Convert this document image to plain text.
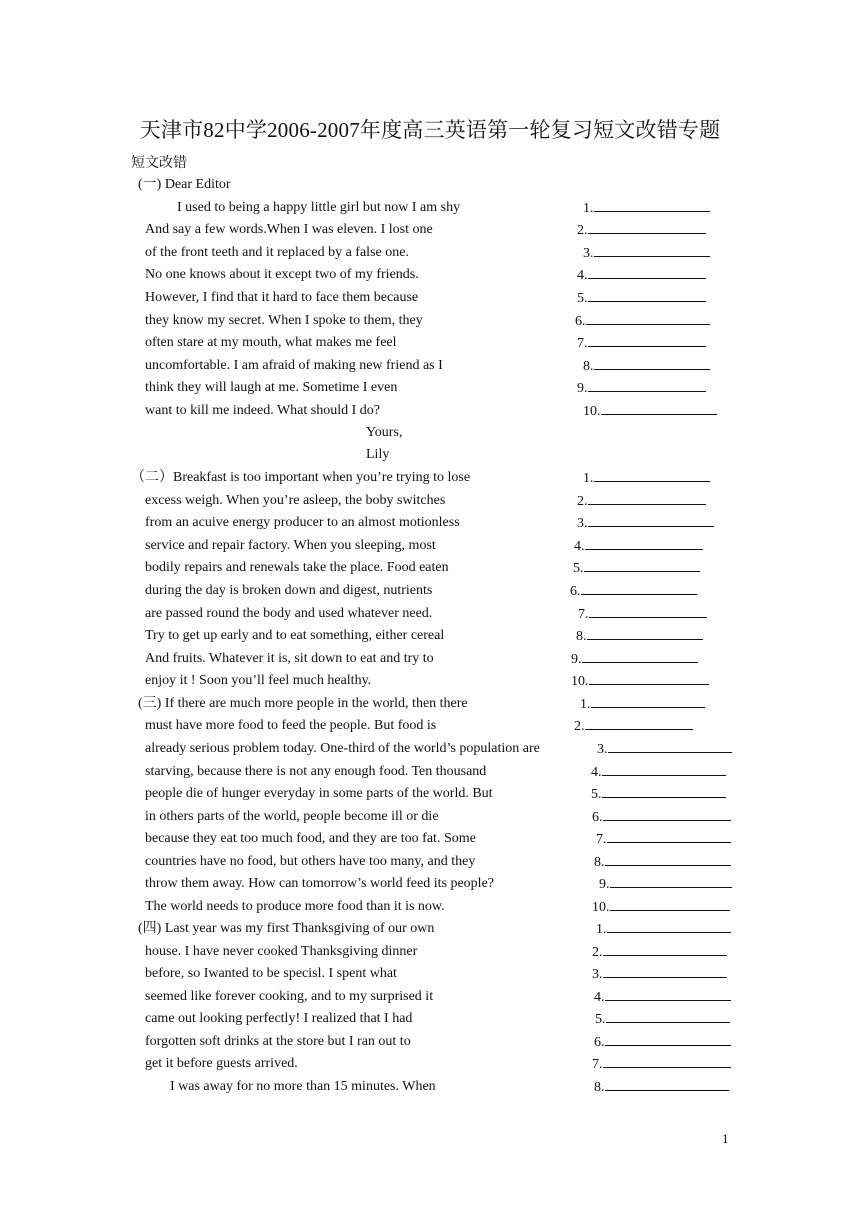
天津市82中学2006-2007年度高三英语第一轮复习短文改错专题
短文改错
(一) Dear Editor
I used to being a happy little girl but now I am shy	1.
And say a few words.When I was eleven. I lost one	2.
of the front teeth and it replaced by a false one.	3.
No one knows about it except two of my friends.	4.
However, I find that it hard to face them because	5.
they know my secret. When I spoke to them, they	6.
often stare at my mouth, what makes me feel	7.
uncomfortable. I am afraid of making new friend as I	8.
think they will laugh at me. Sometime I even	9.
want to kill me indeed. What should I do?	10.
（二）Breakfast is too important when you’re trying to lose	1.
excess weigh. When you’re asleep, the boby switches	2.
from an acuive energy producer to an almost motionless	3.
service and repair factory. When you sleeping, most	4.
bodily repairs and renewals take the place. Food eaten	5.
during the day is broken down and digest, nutrients	6.
are passed round the body and used whatever need.	7.
Try to get up early and to eat something, either cereal	8.
And fruits. Whatever it is, sit down to eat and try to	9.
enjoy it ! Soon you’ll feel much healthy.	10.
(三) If there are much more people in the world, then there	1.
must have more food to feed the people. But food is	2.
already serious problem today. One-third of the world’s population are	3.
starving, because there is not any enough food. Ten thousand	4.
people die of hunger everyday in some parts of the world. But	5.
in others parts of the world, people become ill or die	6.
because they eat too much food, and they are too fat. Some	7.
countries have no food, but others have too many, and they	8.
throw them away. How can tomorrow’s world feed its people?	9.
The world needs to produce more food than it is now.	10.
(四) Last year was my first Thanksgiving of our own	1.
house. I have never cooked Thanksgiving dinner	2.
before, so Iwanted to be specisl. I spent what	3.
seemed like forever cooking, and to my surprised it	4.
came out looking perfectly! I realized that I had	5.
forgotten soft drinks at the store but I ran out to	6.
get it before guests arrived.	7.
I was away for no more than 15 minutes. When	8.
Yours,
Lily
1
